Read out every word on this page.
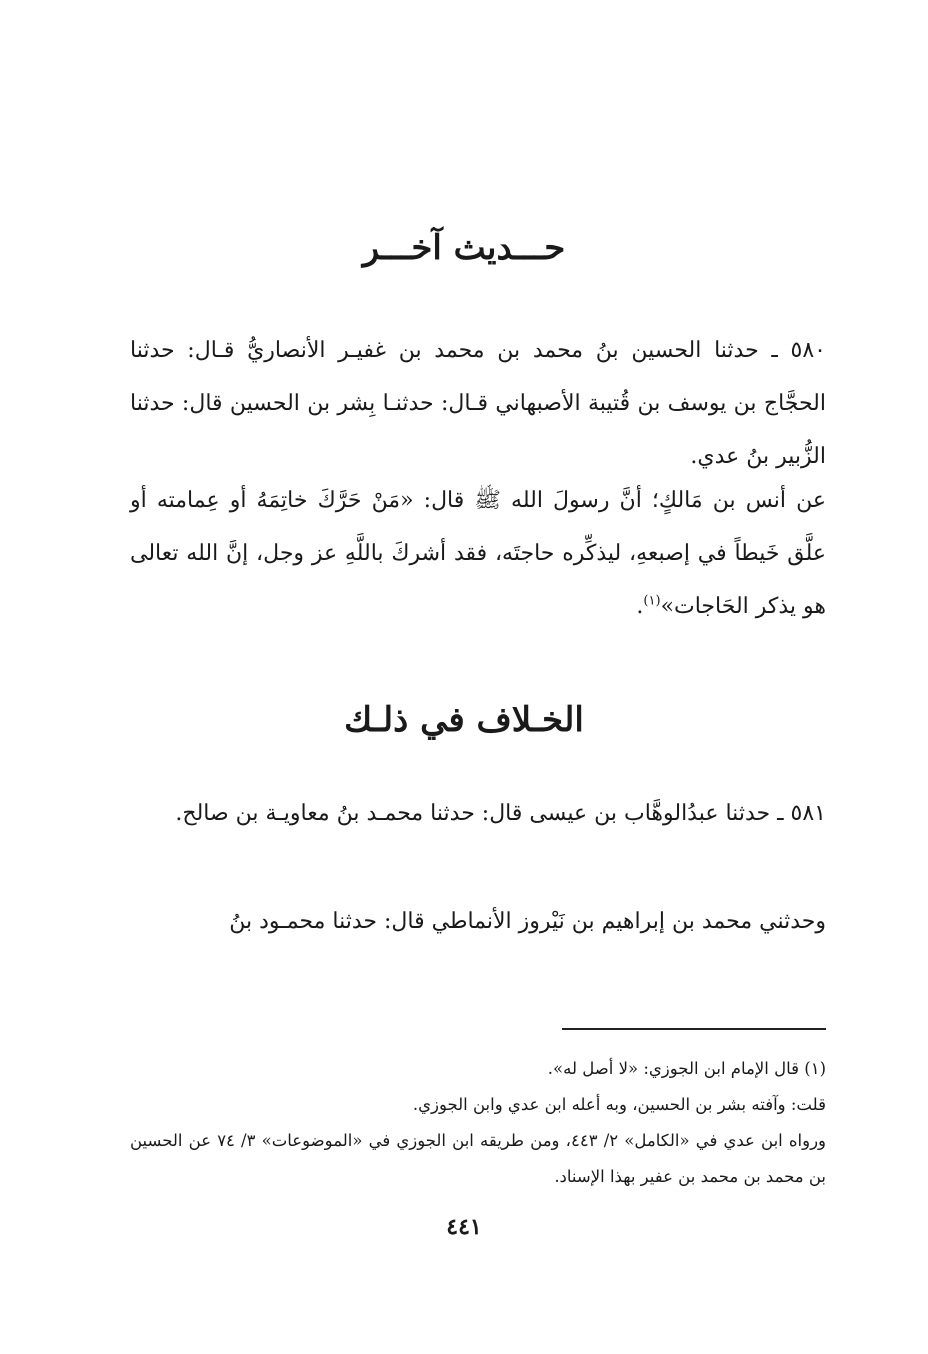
حـــديث آخـــر

٥٨٠ ـ حدثنا الحسين بنُ محمد بن محمد بن غفيـر الأنصاريُّ قـال: حدثنا الحجَّاج بن يوسف بن قُتيبة الأصبهاني قـال: حدثنـا بِشر بن الحسين قال: حدثنا الزُّبير بنُ عدي.

عن أنس بن مَالكٍ؛ أنَّ رسولَ الله ﷺ قال: «مَنْ حَرَّكَ خاتِمَهُ أو عِمامته أو علَّق خَيطاً في إصبعهِ، ليذكِّره حاجتَه، فقد أشركَ باللَّهِ عز وجل، إنَّ الله تعالى هو يذكر الحَاجات»$^{(١)}$.

الخـلاف في ذلـك

٥٨١ ـ حدثنا عبدُالوهَّاب بن عيسى قال: حدثنا محمـد بنُ معاويـة بن صالح.

وحدثني محمد بن إبراهيم بن نَيْروز الأنماطي قال: حدثنا محمـود بنُ

(١) قال الإمام ابن الجوزي: «لا أصل له».

قلت: وآفته بشر بن الحسين، وبه أعله ابن عدي وابن الجوزي.

ورواه ابن عدي في «الكامل» ٢/ ٤٤٣، ومن طريقه ابن الجوزي في «الموضوعات» ٣/ ٧٤ عن الحسين بن محمد بن محمد بن عفير بهذا الإسناد.

٤٤١
